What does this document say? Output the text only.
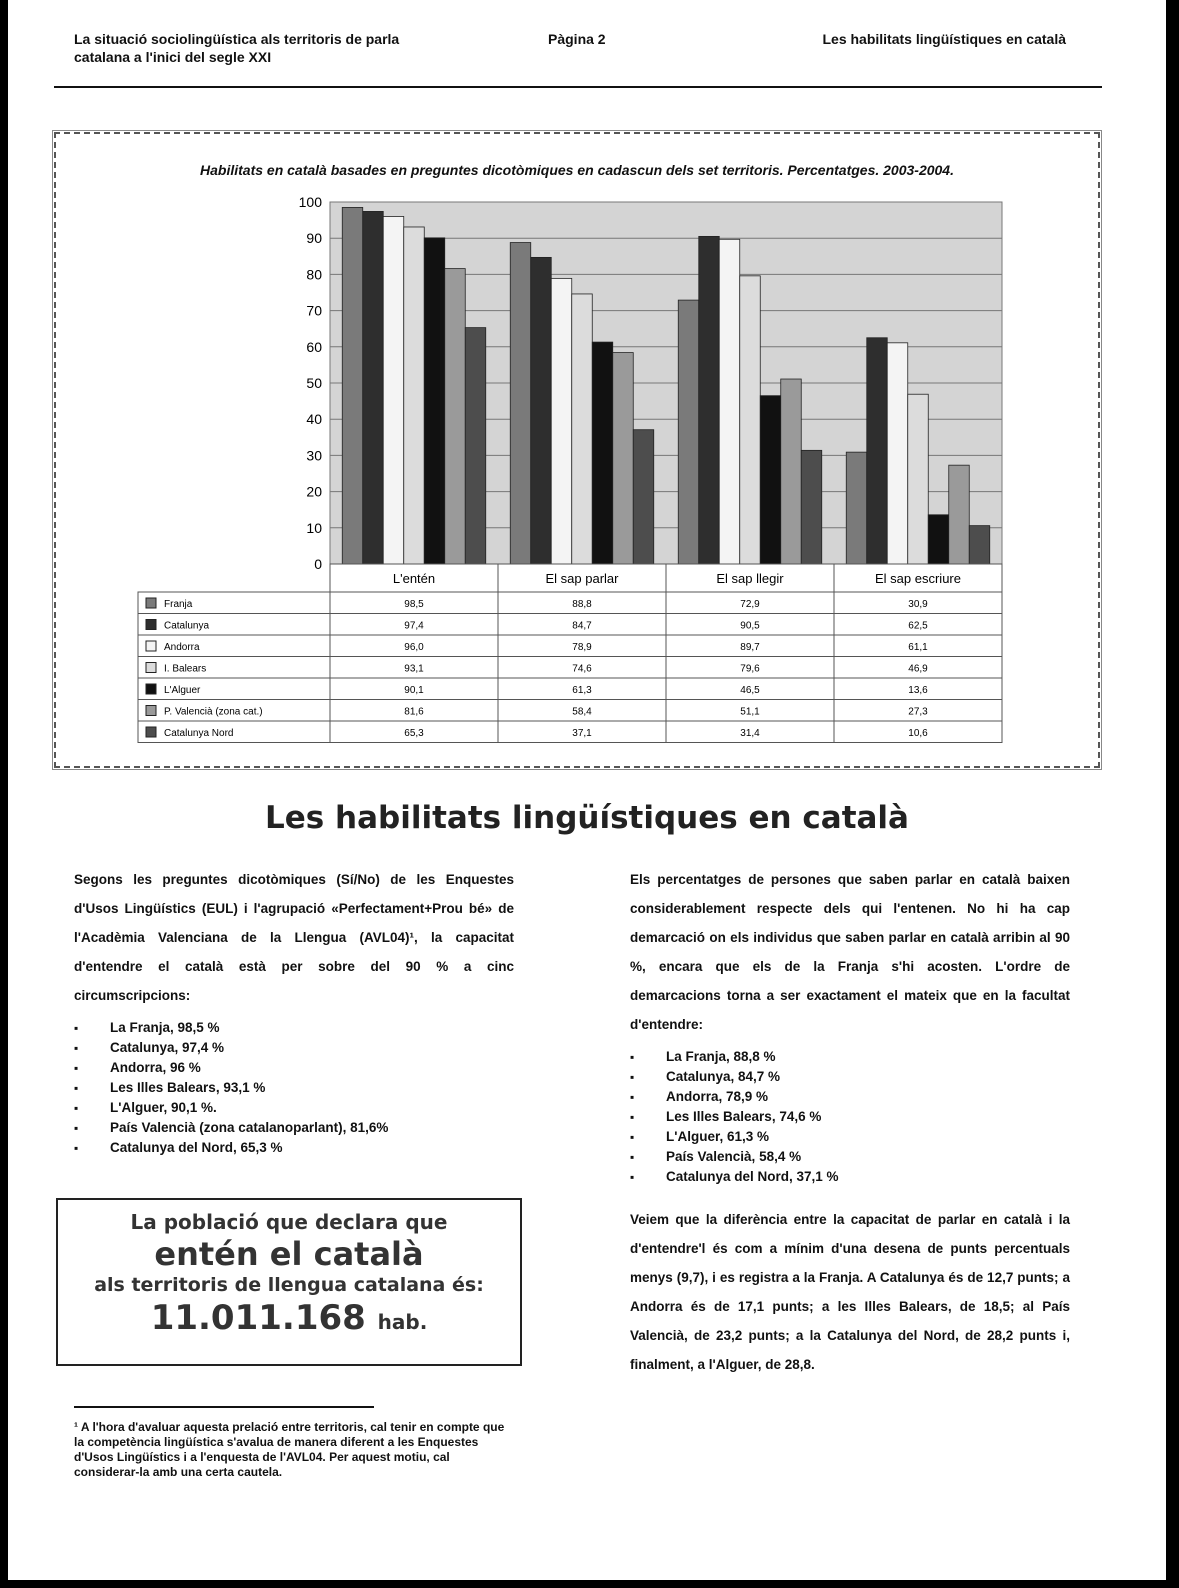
La situació sociolingüística als territoris de parla catalana a l'inici del segle XXI
Pàgina 2	Les habilitats lingüístiques en català
Habilitats en català basades en preguntes dicotòmiques en cadascun dels set territoris. Percentatges. 2003-2004.
0
10
20
30
40
50
60
70
80
90
100
L'entén	El sap parlar	El sap llegir	El sap escriure
Franja	98,5	88,8	72,9	30,9
Catalunya	97,4	84,7	90,5	62,5
Andorra	96,0	78,9	89,7	61,1
I. Balears	93,1	74,6	79,6	46,9
L'Alguer	90,1	61,3	46,5	13,6
P. Valencià (zona cat.)	81,6	58,4	51,1	27,3
Catalunya Nord	65,3	37,1	31,4	10,6
Les habilitats lingüístiques en català

Segons les preguntes dicotòmiques (Sí/No) de les Enquestes d'Usos Lingüístics (EUL) i l'agrupació «Perfectament+Prou bé» de l'Acadèmia Valenciana de la Llengua (AVL04)¹, la capacitat d'entendre el català està per sobre del 90 % a cinc circumscripcions:

▪ La Franja, 98,5 %
▪ Catalunya, 97,4 %
▪ Andorra, 96 %
▪ Les Illes Balears, 93,1 %
▪ L'Alguer, 90,1 %.
▪ País Valencià (zona catalanoparlant), 81,6%
▪ Catalunya del Nord, 65,3 %
La població que declara que
entén el català
als territoris de llengua catalana és:
11.011.168 hab.
¹ A l'hora d'avaluar aquesta prelació entre territoris, cal tenir en compte que la competència lingüística s'avalua de manera diferent a les Enquestes d'Usos Lingüístics i a l'enquesta de l'AVL04. Per aquest motiu, cal considerar-la amb una certa cautela.

Els percentatges de persones que saben parlar en català baixen considerablement respecte dels qui l'entenen. No hi ha cap demarcació on els individus que saben parlar en català arribin al 90 %, encara que els de la Franja s'hi acosten. L'ordre de demarcacions torna a ser exactament el mateix que en la facultat d'entendre:

▪ La Franja, 88,8 %
▪ Catalunya, 84,7 %
▪ Andorra, 78,9 %
▪ Les Illes Balears, 74,6 %
▪ L'Alguer, 61,3 %
▪ País Valencià, 58,4 %
▪ Catalunya del Nord, 37,1 %

Veiem que la diferència entre la capacitat de parlar en català i la d'entendre'l és com a mínim d'una desena de punts percentuals menys (9,7), i es registra a la Franja. A Catalunya és de 12,7 punts; a Andorra és de 17,1 punts; a les Illes Balears, de 18,5; al País Valencià, de 23,2 punts; a la Catalunya del Nord, de 28,2 punts i, finalment, a l'Alguer, de 28,8.
